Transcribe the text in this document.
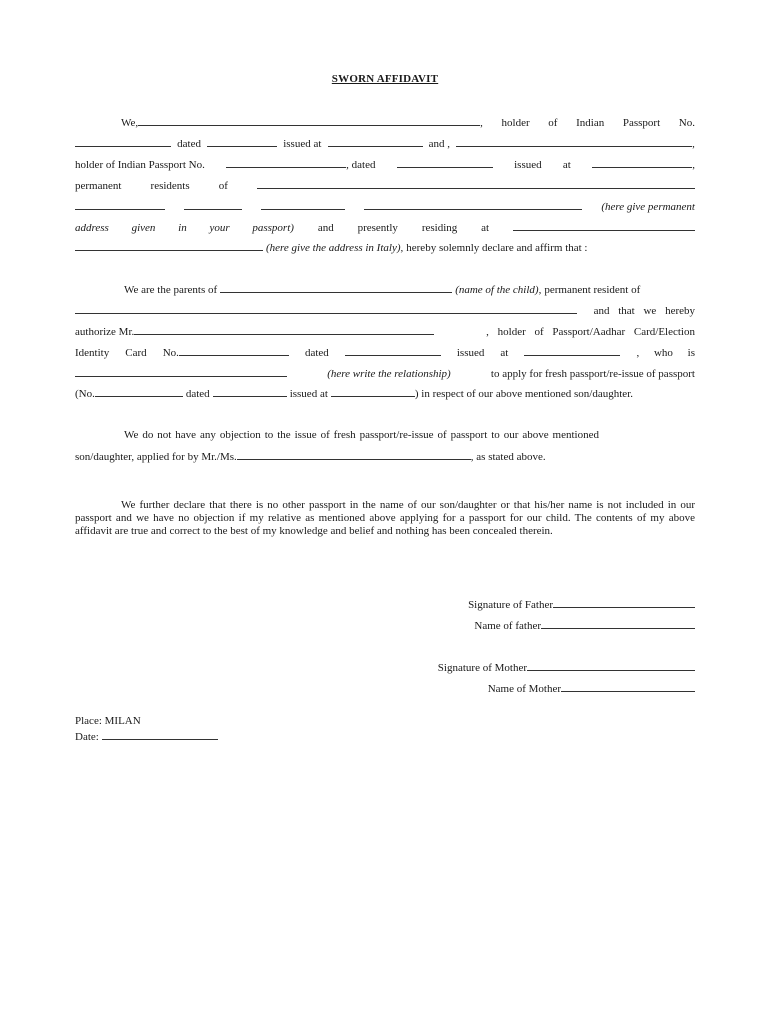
SWORN AFFIDAVIT
We,	, holder of Indian Passport No.
dated	issued at	and ,	,
holder of Indian Passport No.	, dated	issued at	,
permanent	residents	of
(here give permanent
address given in your passport) and presently residing at
(here give the address in Italy), hereby solemnly declare and affirm that :
We are the parents of	(name of the child), permanent resident of
and that we hereby
authorize Mr.	, holder of Passport/Aadhar Card/Election
Identity Card No.	dated	issued at	, who is
(here write the relationship)	to apply for fresh passport/re-issue of passport
(No.	dated	issued at	) in respect of our above mentioned son/daughter.
We do not have any objection to the issue of fresh passport/re-issue of passport to our above mentioned
son/daughter, applied for by Mr./Ms.	, as stated above.
We further declare that there is no other passport in the name of our son/daughter or that his/her name is not included in our passport and we have no objection if my relative as mentioned above applying for a passport for our child. The contents of my above affidavit are true and correct to the best of my knowledge and belief and nothing has been concealed therein.
Signature of Father
Name of father
Signature of Mother
Name of Mother
Place: MILAN
Date:
